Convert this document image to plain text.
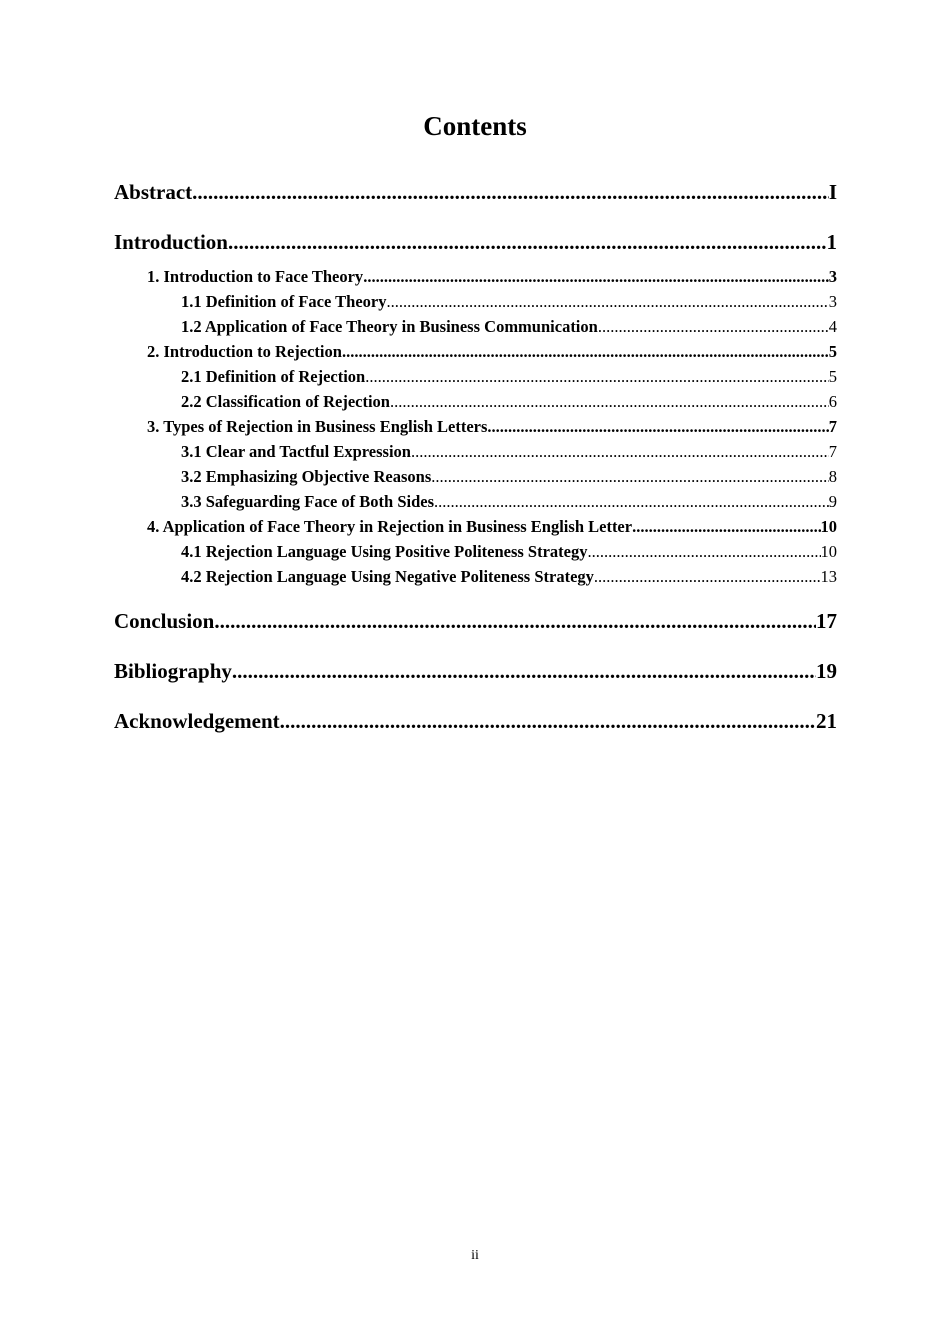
Contents
Abstract .....	I
Introduction .....	1
1. Introduction to Face Theory .....	3
1.1 Definition of Face Theory .....	3
1.2 Application of Face Theory in Business Communication .....	4
2. Introduction to Rejection .....	5
2.1 Definition of Rejection .....	5
2.2 Classification of Rejection .....	6
3. Types of Rejection in Business English Letters .....	7
3.1 Clear and Tactful Expression .....	7
3.2 Emphasizing Objective Reasons .....	8
3.3 Safeguarding Face of Both Sides .....	9
4. Application of Face Theory in Rejection in Business English Letter .....	10
4.1 Rejection Language Using Positive Politeness Strategy .....	10
4.2 Rejection Language Using Negative Politeness Strategy .....	13
Conclusion .....	17
Bibliography .....	19
Acknowledgement .....	21
ii
